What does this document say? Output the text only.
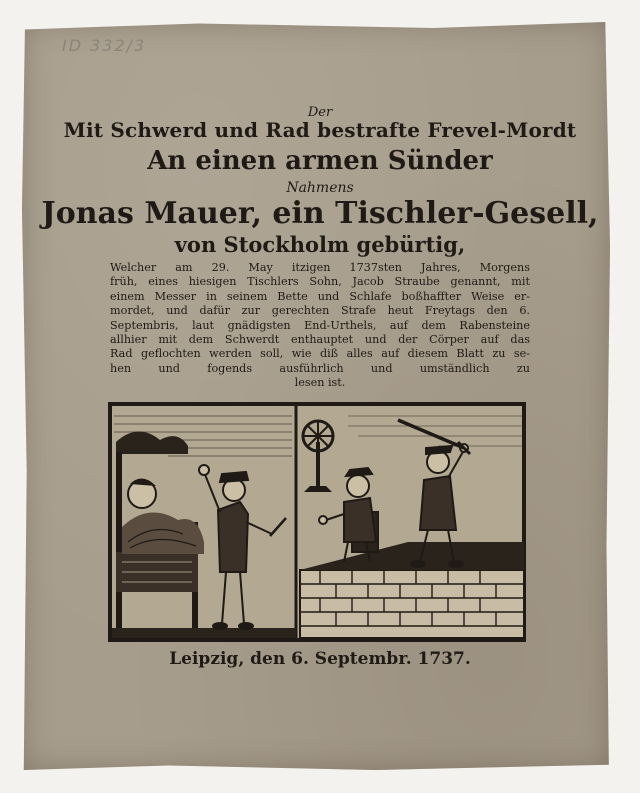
ID 332/3
Der
Mit Schwerd und Rad bestrafte Frevel-Mordt
An einen armen Sünder
Nahmens
Jonas Mauer, ein Tischler-Gesell,
von Stockholm gebürtig,
Welcher am 29. May itzigen 1737sten Jahres, Morgens
früh, eines hiesigen Tischlers Sohn, Jacob Straube genannt, mit
einem Messer in seinem Bette und Schlafe boßhaffter Weise er-
mordet, und dafür zur gerechten Strafe heut Freytags den 6.
Septembris, laut gnädigsten End-Urthels, auf dem Rabensteine
allhier mit dem Schwerdt enthauptet und der Cörper auf das
Rad geflochten werden soll, wie diß alles auf diesem Blatt zu se-
hen und fogends ausführlich und umständlich zu
lesen ist.
Leipzig, den 6. Septembr. 1737.
